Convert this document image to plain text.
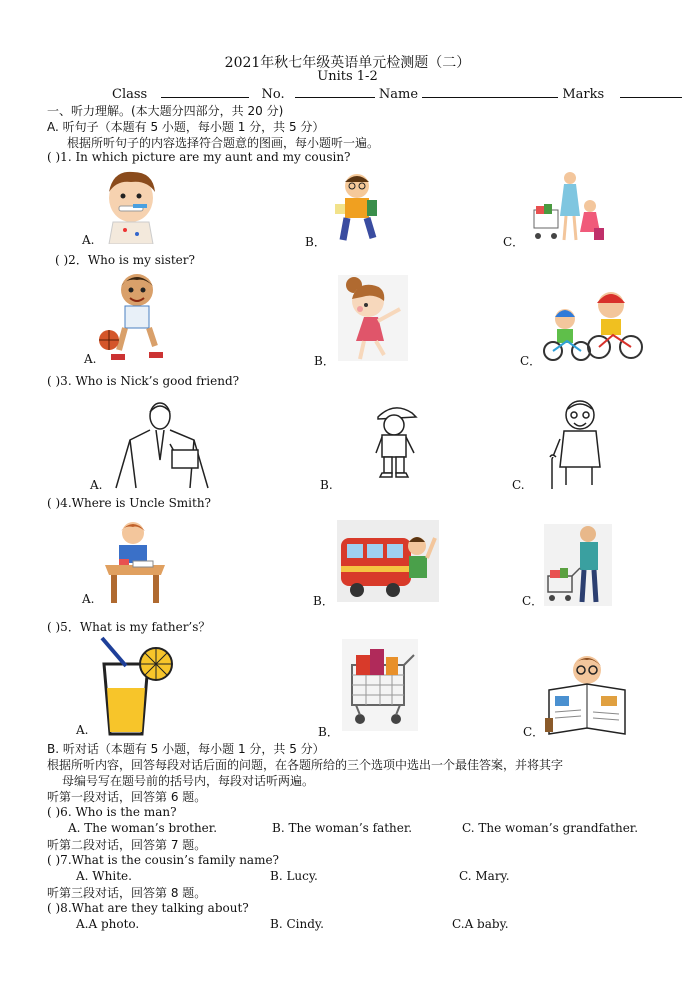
2021年秋七年级英语单元检测题（二）
Units 1-2
Class	No.	Name	Marks
一、听力理解。(本大题分四部分，共 20 分)
A. 听句子（本题有 5 小题，每小题 1 分，共 5 分）
根据所听句子的内容选择符合题意的图画，每小题听一遍。
( )1. In which picture are my aunt and my cousin?
A.	B．	C．
( )2．Who is my sister?
A.	B．	C．
( )3. Who is Nick’s good friend?
A.	B.	C.
( )4.Where is Uncle Smith?
A.	B．	C．
( )5．What is my father’s？
A.	B．	C．
B. 听对话（本题有 5 小题，每小题 1 分，共 5 分）
根据所听内容，回答每段对话后面的问题，在各题所给的三个选项中选出一个最佳答案，并将其字
母编号写在题号前的括号内，每段对话听两遍。
听第一段对话，回答第 6 题。
( )6. Who is the man?
A. The woman’s brother.	B. The woman’s father.	C. The woman’s grandfather.
听第二段对话，回答第 7 题。
( )7.What is the cousin’s family name?
A. White.	B. Lucy.	C. Mary.
听第三段对话，回答第 8 题。
( )8.What are they talking about?
A.A photo.	B. Cindy.	C.A baby.
